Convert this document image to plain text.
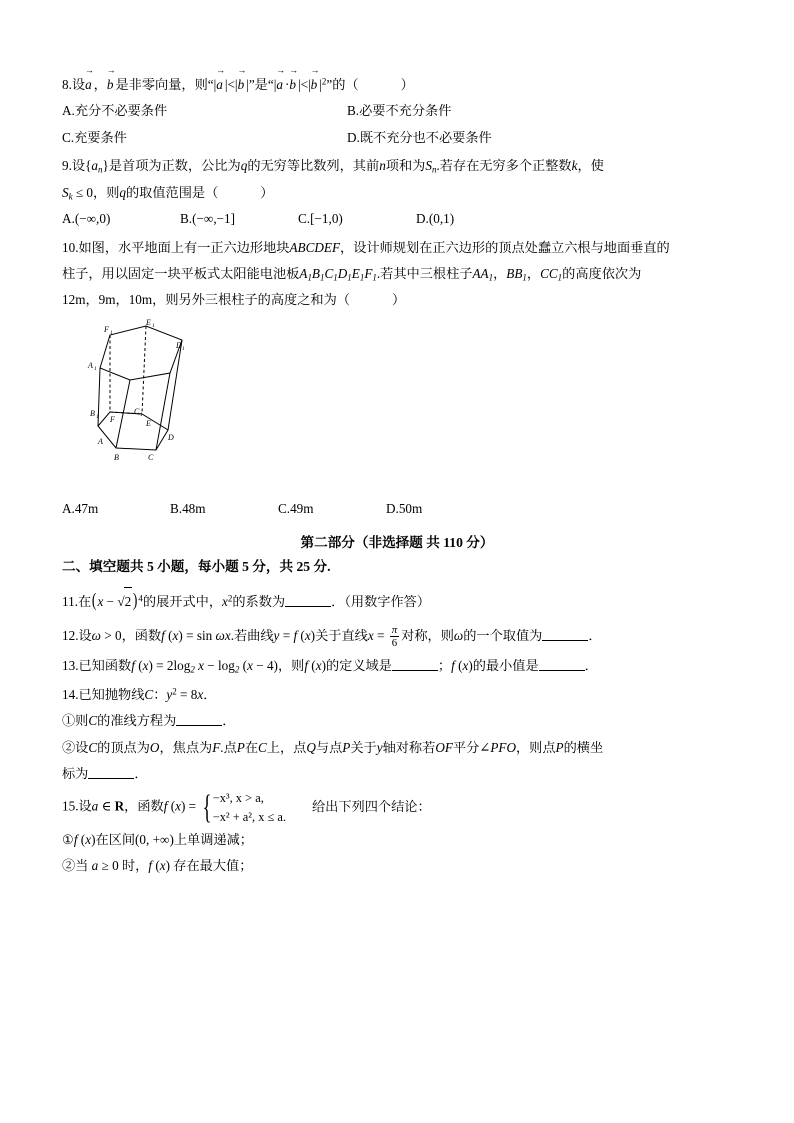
8.设a → ，b → 是非零向量，则“|a → |<|b → |”是“$|a \to \cdot b \to |<|b \to |^2$”的（	）
A.充分不必要条件	B.必要不充分条件
C.充要条件	D.既不充分也不必要条件
9.设$\{a_n\}$是首项为正数，公比为q的无穷等比数列，其前n项和为$S_n$.若存在无穷多个正整数k，使
$S_k \le 0$，则q的取值范围是（	）
A.(−∞,0)	B.(−∞,−1]	C.[−1,0)	D.(0,1)
10.如图，水平地面上有一正六边形地块ABCDEF，设计师规划在正六边形的顶点处蠢立六根与地面垂直的
柱子，用以固定一块平板式太阳能电池板$A_1B_1C_1D_1E_1F_1$.若其中三根柱子$AA_1$，$BB_1$，$CC_1$的高度依次为
12m，9m，10m，则另外三根柱子的高度之和为（	）
F 1
E 1
A 1
D 1
B 1
C 1
F	E
A	D
B	C
A.47m	B.48m	C.49m	D.50m
第二部分（非选择题 共 110 分）
二、填空题共 5 小题，每小题 5 分，共 25 分.
11.在(x − √2 )$^4$的展开式中，$x^2$的系数为	．（用数字作答）
12.设ω > 0，函数f (x) = sin ωx.若曲线y = f (x)关于直线$x = \frac{\pi}{6}$ 对称，则ω的一个取值为	．
13.已知函数f $(x) = 2\log_2$ $x - \log_2 (x - 4)$，则f (x)的定义域是	；f (x)的最小值是	．
14.已知抛物线C：$y^2 = 8x$．
①则C的准线方程为	．
②设C的顶点为O，焦点为F.点P在C上，点Q与点P关于y轴对称若OF平分∠PFO，则点P的横坐
标为	．
15.设a ∈ R，函数f (x) = { −x³, x > a,
−x² + a², x ≤ a.
给出下列四个结论：
①f (x)在区间(0, +∞)上单调递减；
②当 a ≥ 0 时，f (x) 存在最大值；
